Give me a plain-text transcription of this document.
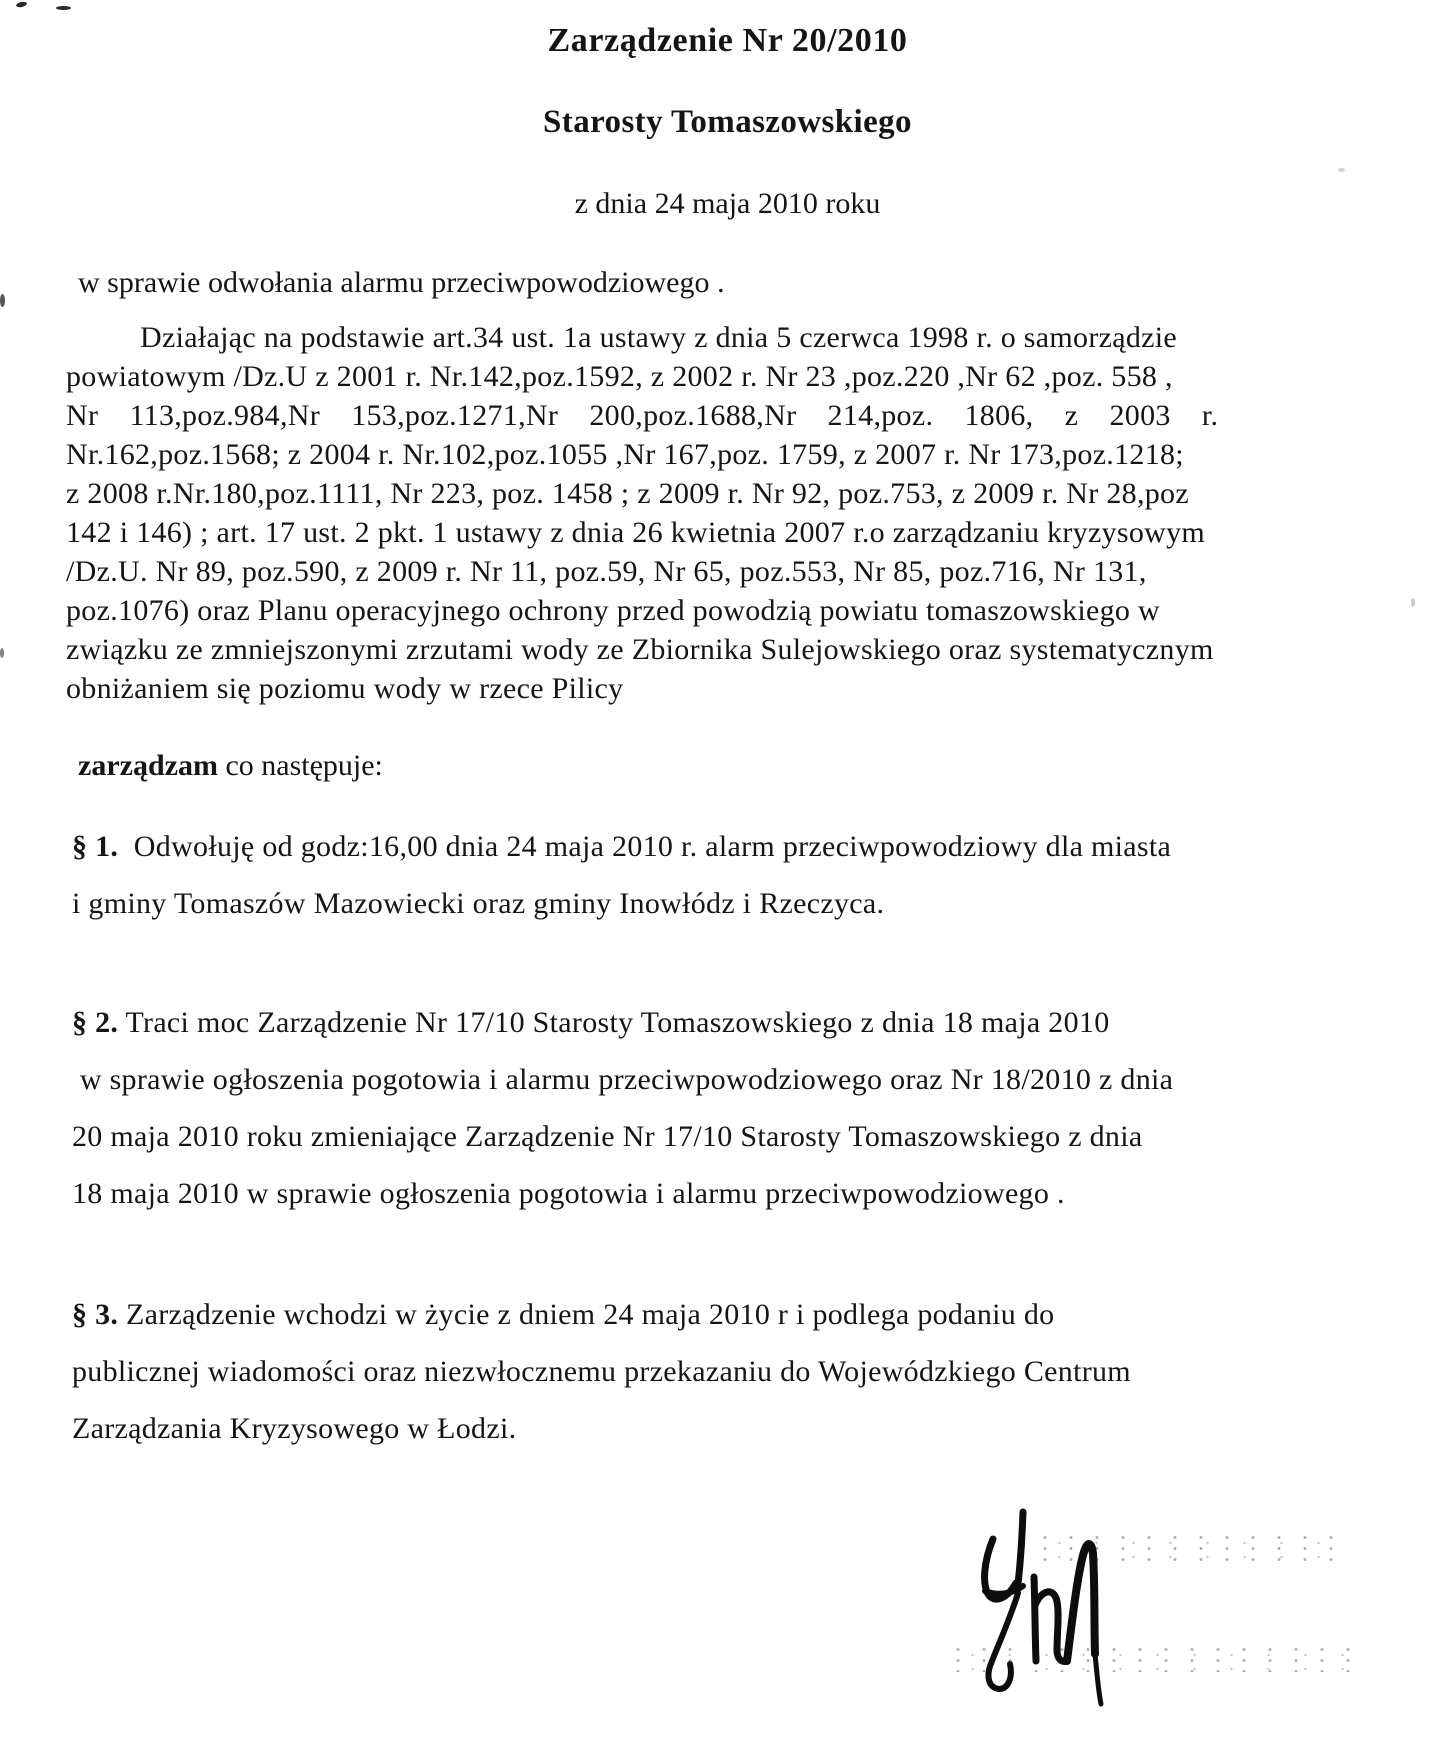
Zarządzenie Nr 20/2010
Starosty Tomaszowskiego
z dnia 24 maja 2010 roku
w sprawie odwołania alarmu przeciwpowodziowego .
Działając na podstawie art.34 ust. 1a ustawy z dnia 5 czerwca 1998 r. o samorządzie
powiatowym /Dz.U z 2001 r. Nr.142,poz.1592, z 2002 r. Nr 23 ,poz.220 ,Nr 62 ,poz. 558 ,
Nr    113,poz.984,Nr    153,poz.1271,Nr    200,poz.1688,Nr    214,poz.    1806,    z    2003    r.
Nr.162,poz.1568; z 2004 r. Nr.102,poz.1055 ,Nr 167,poz. 1759, z 2007 r. Nr 173,poz.1218;
z 2008 r.Nr.180,poz.1111, Nr 223, poz. 1458 ; z 2009 r. Nr 92, poz.753, z 2009 r. Nr 28,poz
142 i 146) ; art. 17 ust. 2 pkt. 1 ustawy z dnia 26 kwietnia 2007 r.o zarządzaniu kryzysowym
/Dz.U. Nr 89, poz.590, z 2009 r. Nr 11, poz.59, Nr 65, poz.553, Nr 85, poz.716, Nr 131,
poz.1076) oraz Planu operacyjnego ochrony przed powodzią powiatu tomaszowskiego w
związku ze zmniejszonymi zrzutami wody ze Zbiornika Sulejowskiego oraz systematycznym
obniżaniem się poziomu wody w rzece Pilicy
zarządzam co następuje:
§ 1.  Odwołuję od godz:16,00 dnia 24 maja 2010 r. alarm przeciwpowodziowy dla miasta
i gminy Tomaszów Mazowiecki oraz gminy Inowłódz i Rzeczyca.
§ 2. Traci moc Zarządzenie Nr 17/10 Starosty Tomaszowskiego z dnia 18 maja 2010
w sprawie ogłoszenia pogotowia i alarmu przeciwpowodziowego oraz Nr 18/2010 z dnia
20 maja 2010 roku zmieniające Zarządzenie Nr 17/10 Starosty Tomaszowskiego z dnia
18 maja 2010 w sprawie ogłoszenia pogotowia i alarmu przeciwpowodziowego .
§ 3. Zarządzenie wchodzi w życie z dniem 24 maja 2010 r i podlega podaniu do
publicznej wiadomości oraz niezwłocznemu przekazaniu do Wojewódzkiego Centrum
Zarządzania Kryzysowego w Łodzi.
